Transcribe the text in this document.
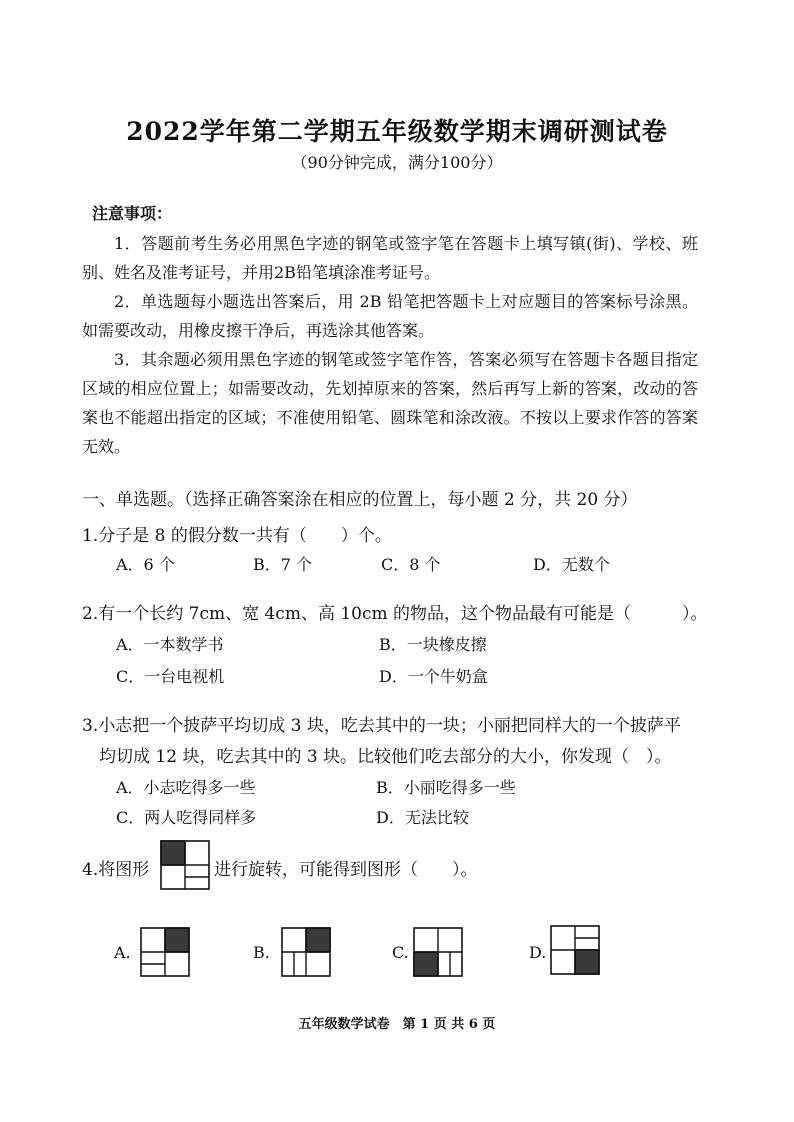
2022学年第二学期五年级数学期末调研测试卷
（90分钟完成，满分100分）
注意事项：

1．答题前考生务必用黑色字迹的钢笔或签字笔在答题卡上填写镇(街)、学校、班别、姓名及准考证号，并用2B铅笔填涂准考证号。

2．单选题每小题选出答案后，用 2B 铅笔把答题卡上对应题目的答案标号涂黑。如需要改动，用橡皮擦干净后，再选涂其他答案。

3．其余题必须用黑色字迹的钢笔或签字笔作答，答案必须写在答题卡各题目指定区域的相应位置上；如需要改动，先划掉原来的答案，然后再写上新的答案，改动的答案也不能超出指定的区域；不准使用铅笔、圆珠笔和涂改液。不按以上要求作答的答案无效。

一、单选题。（选择正确答案涂在相应的位置上，每小题 2 分，共 20 分）
1.分子是 8 的假分数一共有（　　）个。
A．6 个	B．7 个	C．8 个	D．无数个
2.有一个长约 7cm、宽 4cm、高 10cm 的物品，这个物品最有可能是（　　　）。
A．一本数学书	B．一块橡皮擦
C．一台电视机	D．一个牛奶盒
3.小志把一个披萨平均切成 3 块，吃去其中的一块；小丽把同样大的一个披萨平
均切成 12 块，吃去其中的 3 块。比较他们吃去部分的大小，你发现（　）。
A．小志吃得多一些	B．小丽吃得多一些
C．两人吃得同样多	D．无法比较
4.将图形	进行旋转，可能得到图形（　　）。
A.	B.	C.	D.
五年级数学试卷　第 1 页 共 6 页
